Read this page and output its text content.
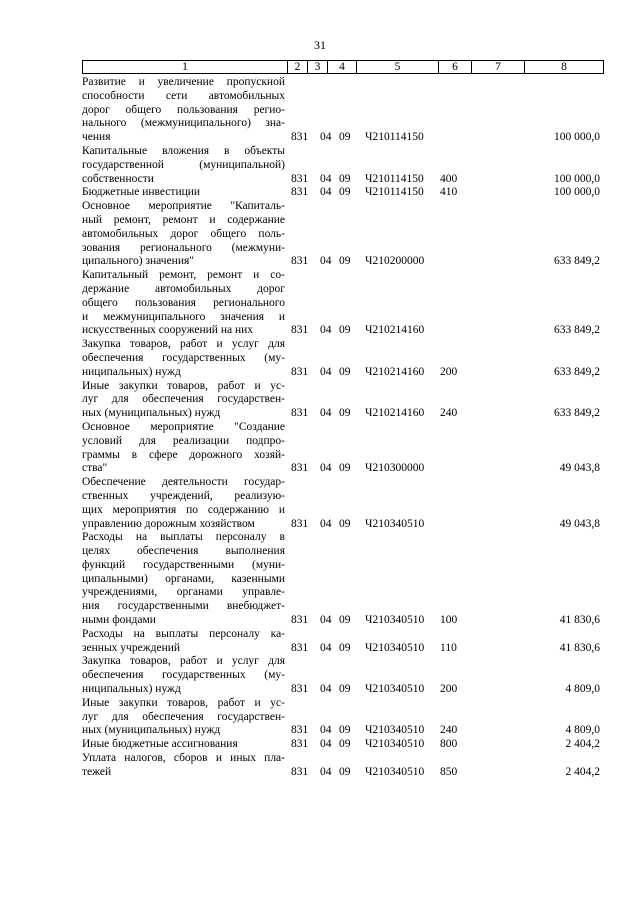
31
1	2	3	4	5	6	7	8
Развитие и увеличение пропускной
способности сети автомобильных
дорог общего пользования регио-
нального (межмуниципального) зна-
чения	831 04 09 Ч210114150	100 000,0
Капитальные вложения в объекты
государственной (муниципальной)
собственности	831 04 09 Ч210114150 400	100 000,0
Бюджетные инвестиции	831 04 09 Ч210114150 410	100 000,0
Основное мероприятие "Капиталь-
ный ремонт, ремонт и содержание
автомобильных дорог общего поль-
зования регионального (межмуни-
ципального) значения"	831 04 09 Ч210200000	633 849,2
Капитальный ремонт, ремонт и со-
держание автомобильных дорог
общего пользования регионального
и межмуниципального значения и
искусственных сооружений на них	831 04 09 Ч210214160	633 849,2
Закупка товаров, работ и услуг для
обеспечения государственных (му-
ниципальных) нужд	831 04 09 Ч210214160 200	633 849,2
Иные закупки товаров, работ и ус-
луг для обеспечения государствен-
ных (муниципальных) нужд	831 04 09 Ч210214160 240	633 849,2
Основное мероприятие "Создание
условий для реализации подпро-
граммы в сфере дорожного хозяй-
ства"	831 04 09 Ч210300000	49 043,8
Обеспечение деятельности государ-
ственных учреждений, реализую-
щих мероприятия по содержанию и
управлению дорожным хозяйством	831 04 09 Ч210340510	49 043,8
Расходы на выплаты персоналу в
целях обеспечения выполнения
функций государственными (муни-
ципальными) органами, казенными
учреждениями, органами управле-
ния государственными внебюджет-
ными фондами	831 04 09 Ч210340510 100	41 830,6
Расходы на выплаты персоналу ка-
зенных учреждений	831 04 09 Ч210340510 110	41 830,6
Закупка товаров, работ и услуг для
обеспечения государственных (му-
ниципальных) нужд	831 04 09 Ч210340510 200	4 809,0
Иные закупки товаров, работ и ус-
луг для обеспечения государствен-
ных (муниципальных) нужд	831 04 09 Ч210340510 240	4 809,0
Иные бюджетные ассигнования	831 04 09 Ч210340510 800	2 404,2
Уплата налогов, сборов и иных пла-
тежей	831 04 09 Ч210340510 850	2 404,2
